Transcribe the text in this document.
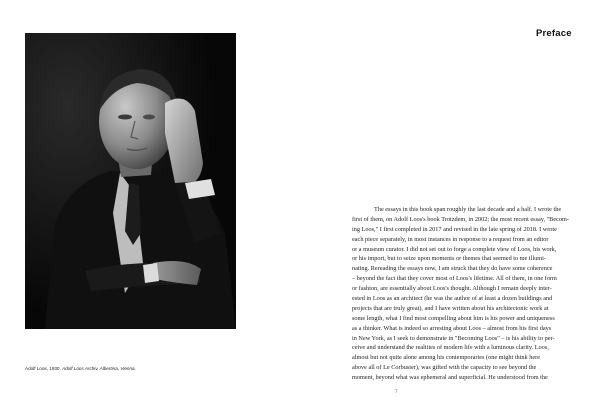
Adolf Loos, 1930. Adolf Loos Archiv, Albertina, Vienna.
Preface
The essays in this book span roughly the last decade and a half. I wrote the
first of them, on Adolf Loos's book Trotzdem, in 2002; the most recent essay, "Becom-
ing Loos," I first completed in 2017 and revised in the late spring of 2018. I wrote
each piece separately, in most instances in response to a request from an editor
or a museum curator. I did not set out to forge a complete view of Loos, his work,
or his import, but to seize upon moments or themes that seemed to me illumi-
nating. Rereading the essays now, I am struck that they do have some coherence
– beyond the fact that they cover most of Loos's lifetime. All of them, in one form
or fashion, are essentially about Loos's thought. Although I remain deeply inter-
ested in Loos as an architect (he was the author of at least a dozen buildings and
projects that are truly great), and I have written about his architectonic work at
some length, what I find most compelling about him is his power and uniqueness
as a thinker. What is indeed so arresting about Loos – almost from his first days
in New York, as I seek to demonstrate in "Becoming Loos" – is his ability to per-
ceive and understand the realities of modern life with a luminous clarity. Loos,
almost but not quite alone among his contemporaries (one might think here
above all of Le Corbusier), was gifted with the capacity to see beyond the
moment, beyond what was ephemeral and superficial. He understood from the
7
